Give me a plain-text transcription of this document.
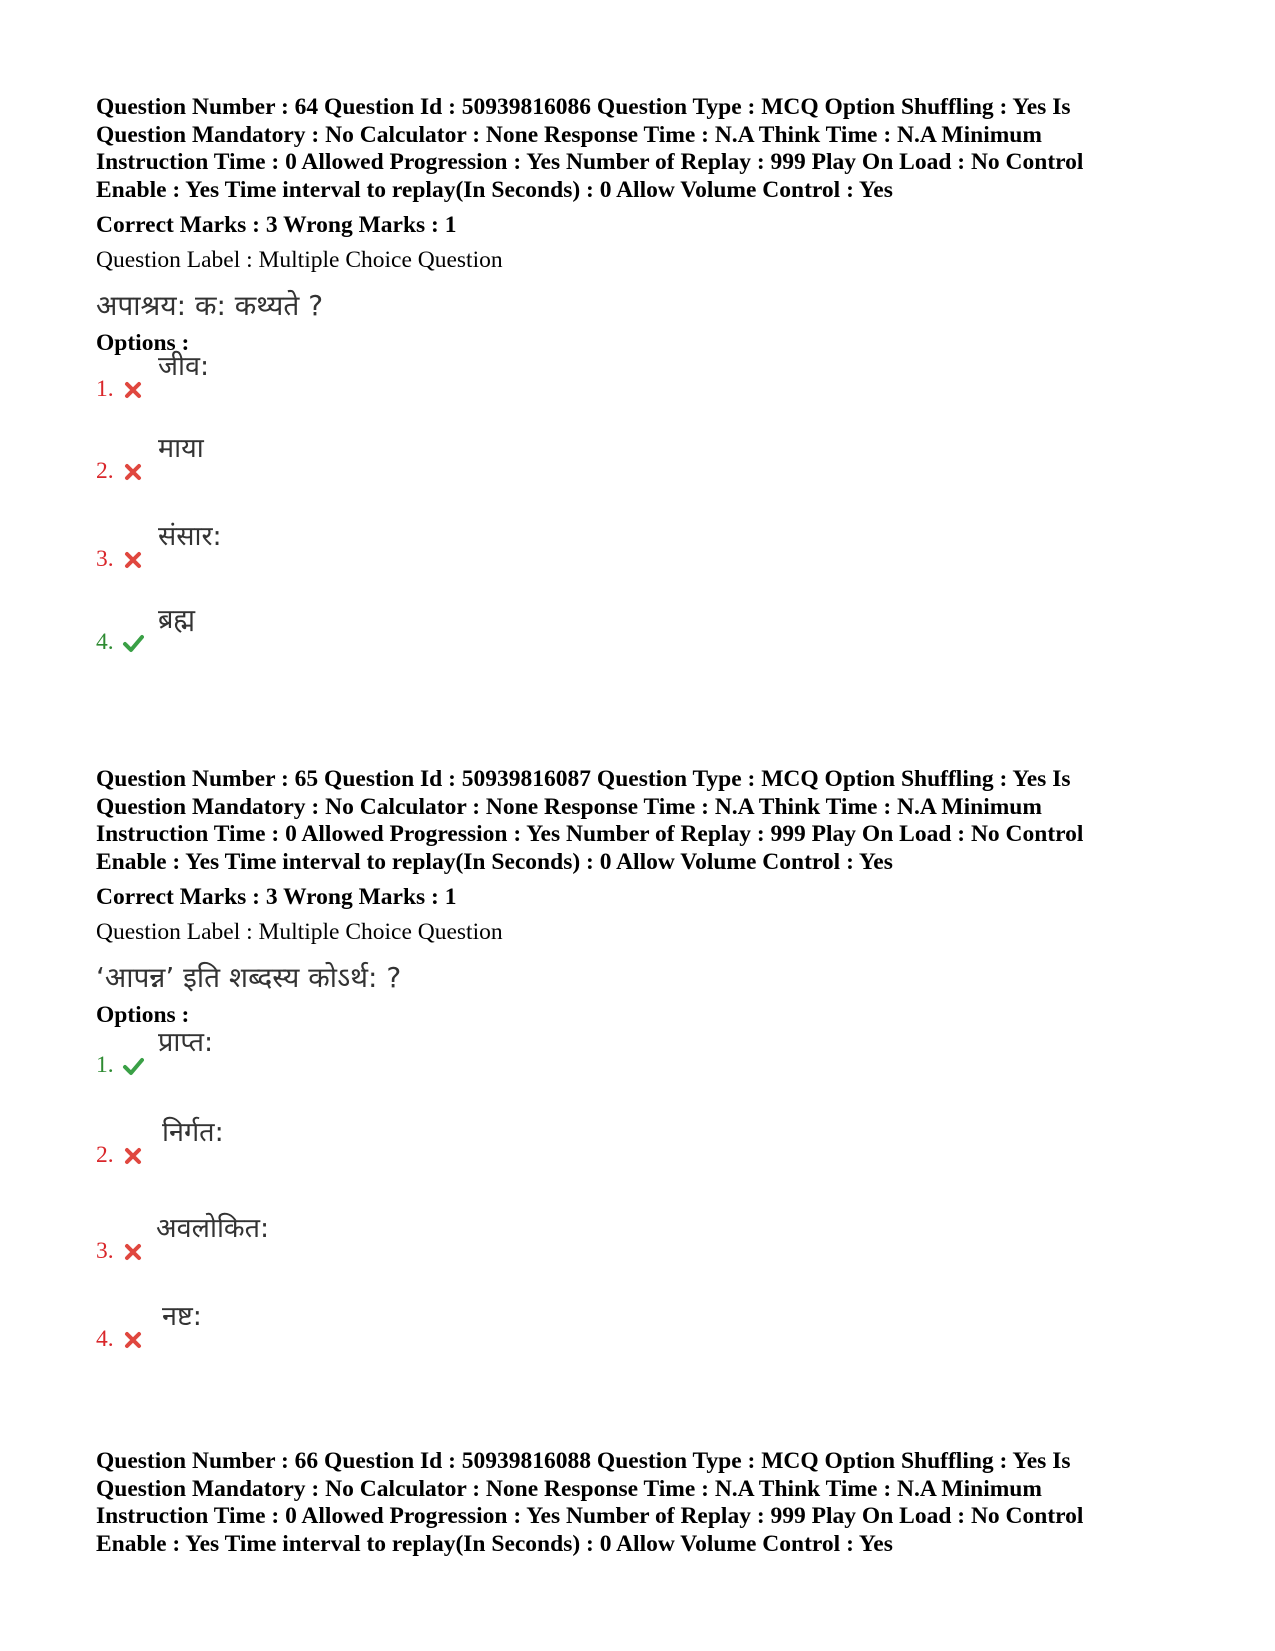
Question Number : 64 Question Id : 50939816086 Question Type : MCQ Option Shuffling : Yes Is
Question Mandatory : No Calculator : None Response Time : N.A Think Time : N.A Minimum
Instruction Time : 0 Allowed Progression : Yes Number of Replay : 999 Play On Load : No Control
Enable : Yes Time interval to replay(In Seconds) : 0 Allow Volume Control : Yes
Correct Marks : 3 Wrong Marks : 1
Question Label : Multiple Choice Question
अपाश्रय: क: कथ्यते ?
Options :
1.
जीव:
2.
माया
3.
संसार:
4.
ब्रह्म
Question Number : 65 Question Id : 50939816087 Question Type : MCQ Option Shuffling : Yes Is
Question Mandatory : No Calculator : None Response Time : N.A Think Time : N.A Minimum
Instruction Time : 0 Allowed Progression : Yes Number of Replay : 999 Play On Load : No Control
Enable : Yes Time interval to replay(In Seconds) : 0 Allow Volume Control : Yes
Correct Marks : 3 Wrong Marks : 1
Question Label : Multiple Choice Question
‘आपन्न’ इति शब्दस्य कोऽर्थ: ?
Options :
1.
प्राप्त:
2.
निर्गत:
3.
अवलोकित:
4.
नष्ट:
Question Number : 66 Question Id : 50939816088 Question Type : MCQ Option Shuffling : Yes Is
Question Mandatory : No Calculator : None Response Time : N.A Think Time : N.A Minimum
Instruction Time : 0 Allowed Progression : Yes Number of Replay : 999 Play On Load : No Control
Enable : Yes Time interval to replay(In Seconds) : 0 Allow Volume Control : Yes
